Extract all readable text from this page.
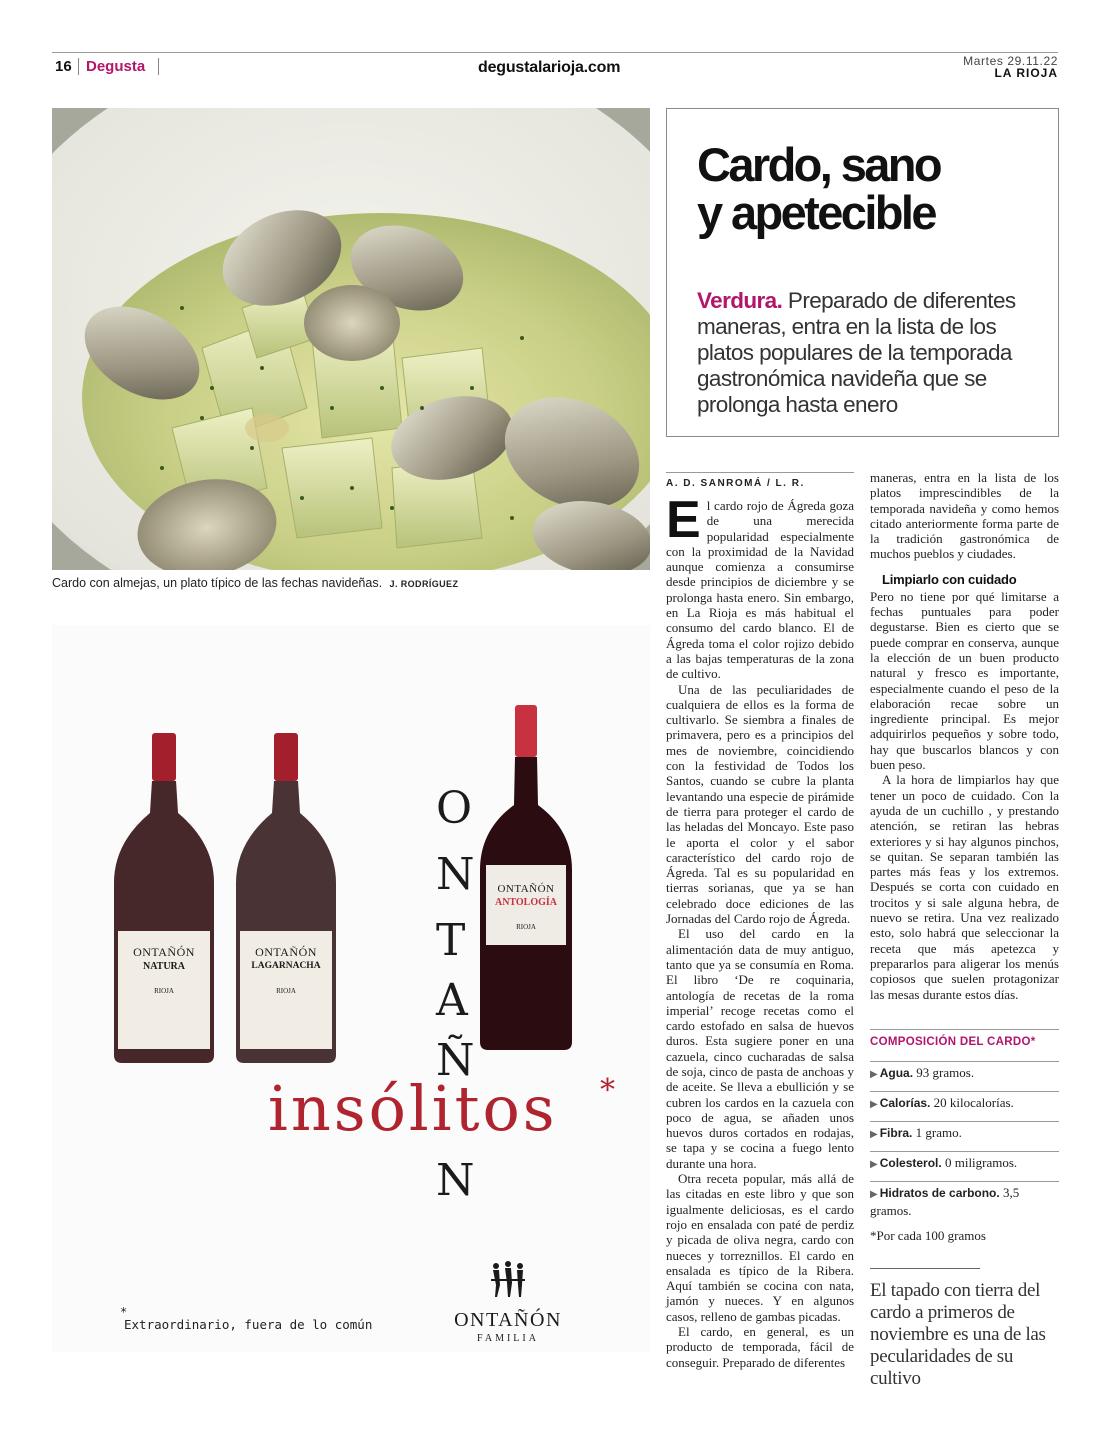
16 Degusta	degustalarioja.com	Martes 29.11.22
LA RIOJA
Cardo con almejas, un plato típico de las fechas navideñas. J. RODRÍGUEZ
Cardo, sano
y apetecible
Verdura. Preparado de diferentes maneras, entra en la lista de los platos populares de la temporada gastronómica navideña que se prolonga hasta enero
A. D. SANROMÁ / L. R.

El cardo rojo de Ágreda goza de una merecida popularidad especialmente con la proximidad de la Navidad aunque comienza a consumirse desde principios de diciembre y se prolonga hasta enero. Sin embargo, en La Rioja es más habitual el consumo del cardo blanco. El de Ágreda toma el color rojizo debido a las bajas temperaturas de la zona de cultivo.

Una de las peculiaridades de cualquiera de ellos es la forma de cultivarlo. Se siembra a finales de primavera, pero es a principios del mes de noviembre, coincidiendo con la festividad de Todos los Santos, cuando se cubre la planta levantando una especie de pirámide de tierra para proteger el cardo de las heladas del Moncayo. Este paso le aporta el color y el sabor característico del cardo rojo de Ágreda. Tal es su popularidad en tierras sorianas, que ya se han celebrado doce ediciones de las Jornadas del Cardo rojo de Ágreda.

El uso del cardo en la alimentación data de muy antiguo, tanto que ya se consumía en Roma. El libro ‘De re coquinaria, antología de recetas de la roma imperial’ recoge recetas como el cardo estofado en salsa de huevos duros. Esta sugiere poner en una cazuela, cinco cucharadas de salsa de soja, cinco de pasta de anchoas y de aceite. Se lleva a ebullición y se cubren los cardos en la cazuela con poco de agua, se añaden unos huevos duros cortados en rodajas, se tapa y se cocina a fuego lento durante una hora.

Otra receta popular, más allá de las citadas en este libro y que son igualmente deliciosas, es el cardo rojo en ensalada con paté de perdiz y picada de oliva negra, cardo con nueces y torreznillos. El cardo en ensalada es típico de la Ribera. Aquí también se cocina con nata, jamón y nueces. Y en algunos casos, relleno de gambas picadas.

El cardo, en general, es un producto de temporada, fácil de conseguir. Preparado de diferentes

maneras, entra en la lista de los platos imprescindibles de la temporada navideña y como hemos citado anteriormente forma parte de la tradición gastronómica de muchos pueblos y ciudades.

Limpiarlo con cuidado

Pero no tiene por qué limitarse a fechas puntuales para poder degustarse. Bien es cierto que se puede comprar en conserva, aunque la elección de un buen producto natural y fresco es importante, especialmente cuando el peso de la elaboración recae sobre un ingrediente principal. Es mejor adquirirlos pequeños y sobre todo, hay que buscarlos blancos y con buen peso.

A la hora de limpiarlos hay que tener un poco de cuidado. Con la ayuda de un cuchillo , y prestando atención, se retiran las hebras exteriores y si hay algunos pinchos, se quitan. Se separan también las partes más feas y los extremos. Después se corta con cuidado en trocitos y si sale alguna hebra, de nuevo se retira. Una vez realizado esto, solo habrá que seleccionar la receta que más apetezca y prepararlos para aligerar los menús copiosos que suelen protagonizar las mesas durante estos días.

COMPOSICIÓN DEL CARDO*
▶ Agua. 93 gramos.
▶ Calorías. 20 kilocalorías.
▶ Fibra. 1 gramo.
▶ Colesterol. 0 miligramos.
▶ Hidratos de carbono. 3,5 gramos.
*Por cada 100 gramos
El tapado con tierra del cardo a primeros de noviembre es una de las pecularidades de su cultivo
ONTAÑÓN
NATURA
RIOJA
ONTAÑÓN
LAGARNACHA
RIOJA
ONTAÑÓN
ANTOLOGÍA
RIOJA
O
N
T
A
Ñ
N
insólitos *
*
Extraordinario, fuera de lo común	ONTAÑÓN
FAMILIA
